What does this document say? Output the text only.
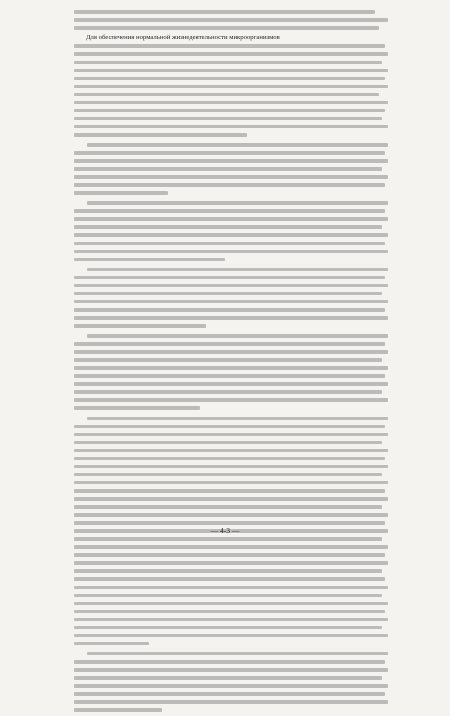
Для обеспечения нормальной жизнедеятельности микроорганизмов
— 4-3 —
